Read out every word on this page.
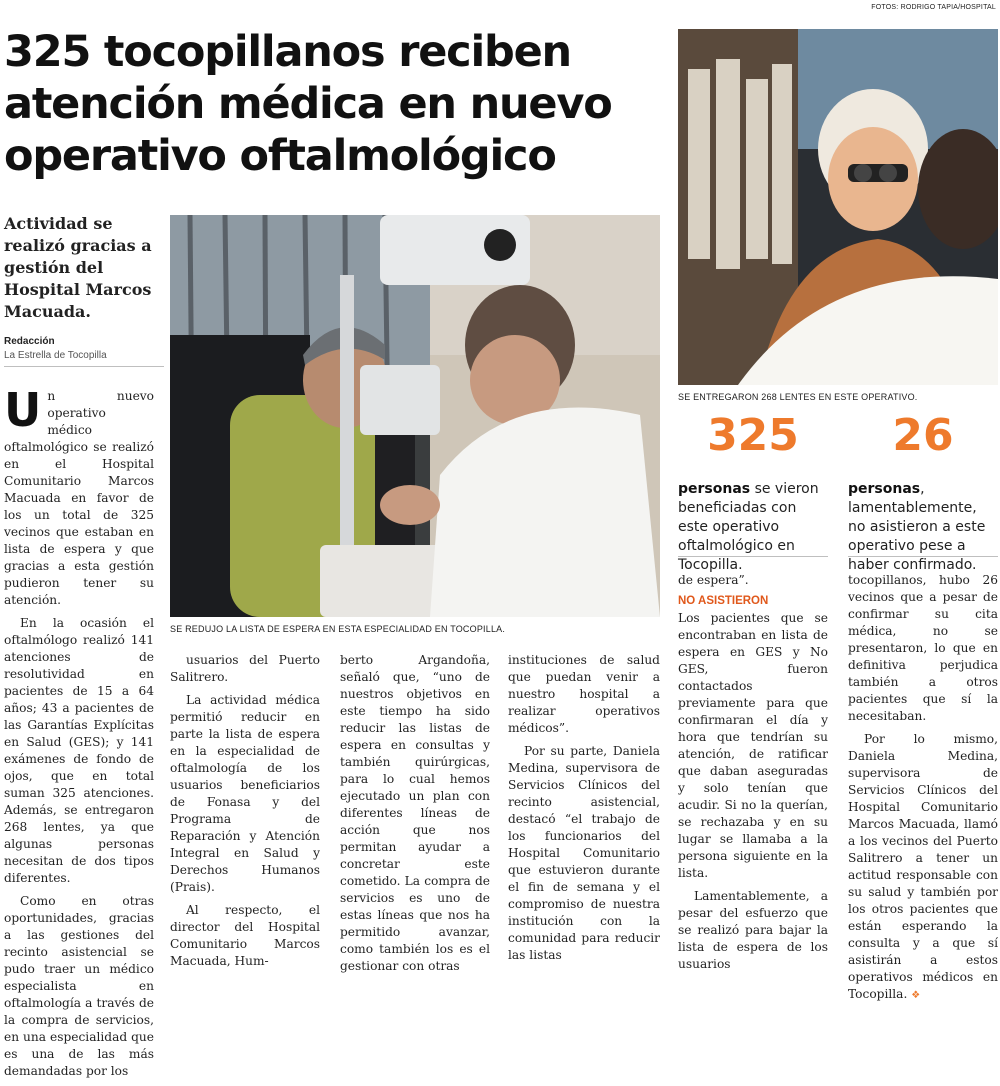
FOTOS: RODRIGO TAPIA/HOSPITAL
325 tocopillanos reciben atención médica en nuevo operativo oftalmológico
Actividad se realizó gracias a gestión del Hospital Marcos Macuada.
Redacción
La Estrella de Tocopilla
SE REDUJO LA LISTA DE ESPERA EN ESTA ESPECIALIDAD EN TOCOPILLA.
SE ENTREGARON 268 LENTES EN ESTE OPERATIVO.
325	26
personas se vieron beneficiadas con este operativo oftalmológico en Tocopilla.
personas, lamentablemente, no asistieron a este operativo pese a haber confirmado.

Un nuevo operativo médico oftalmológico se realizó en el Hospital Comunitario Marcos Macuada en favor de los un total de 325 vecinos que estaban en lista de espera y que gracias a esta gestión pudieron tener su atención.

En la ocasión el oftalmólogo realizó 141 atenciones de resolutividad en pacientes de 15 a 64 años; 43 a pacientes de las Garantías Explícitas en Salud (GES); y 141 exámenes de fondo de ojos, que en total suman 325 atenciones. Además, se entregaron 268 lentes, ya que algunas personas necesitan de dos tipos diferentes.

Como en otras oportunidades, gracias a las gestiones del recinto asistencial se pudo traer un médico especialista en oftalmología a través de la compra de servicios, en una especialidad que es una de las más demandadas por los

usuarios del Puerto Salitrero.

La actividad médica permitió reducir en parte la lista de espera en la especialidad de oftalmología de los usuarios beneficiarios de Fonasa y del Programa de Reparación y Atención Integral en Salud y Derechos Humanos (Prais).

Al respecto, el director del Hospital Comunitario Marcos Macuada, Hum-

berto Argandoña, señaló que, “uno de nuestros objetivos en este tiempo ha sido reducir las listas de espera en consultas y también quirúrgicas, para lo cual hemos ejecutado un plan con diferentes líneas de acción que nos permitan ayudar a concretar este cometido. La compra de servicios es uno de estas líneas que nos ha permitido avanzar, como también los es el gestionar con otras

instituciones de salud que puedan venir a nuestro hospital a realizar operativos médicos”.

Por su parte, Daniela Medina, supervisora de Servicios Clínicos del recinto asistencial, destacó “el trabajo de los funcionarios del Hospital Comunitario que estuvieron durante el fin de semana y el compromiso de nuestra institución con la comunidad para reducir las listas

de espera”.

NO ASISTIERON

Los pacientes que se encontraban en lista de espera en GES y No GES, fueron contactados previamente para que confirmaran el día y hora que tendrían su atención, de ratificar que daban aseguradas y solo tenían que acudir. Si no la querían, se rechazaba y en su lugar se llamaba a la persona siguiente en la lista.

Lamentablemente, a pesar del esfuerzo que se realizó para bajar la lista de espera de los usuarios

tocopillanos, hubo 26 vecinos que a pesar de confirmar su cita médica, no se presentaron, lo que en definitiva perjudica también a otros pacientes que sí la necesitaban.

Por lo mismo, Daniela Medina, supervisora de Servicios Clínicos del Hospital Comunitario Marcos Macuada, llamó a los vecinos del Puerto Salitrero a tener un actitud responsable con su salud y también por los otros pacientes que están esperando la consulta y a que sí asistirán a estos operativos médicos en Tocopilla. ❖
